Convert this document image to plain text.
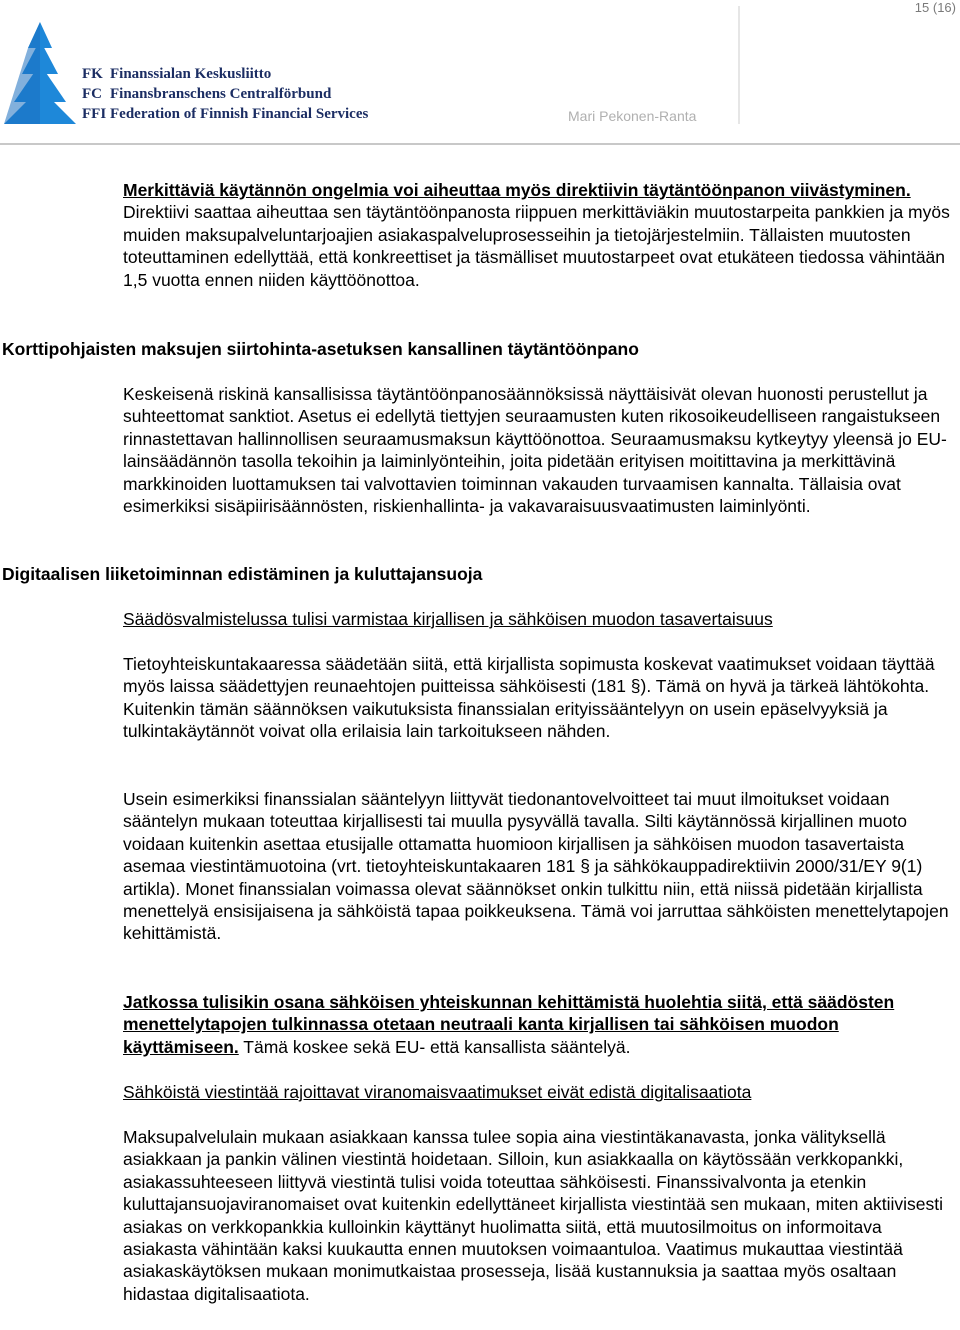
15 (16)
FK Finanssialan Keskusliitto
FC Finansbranschens Centralförbund
FFI Federation of Finnish Financial Services	Mari Pekonen-Ranta
Merkittäviä käytännön ongelmia voi aiheuttaa myös direktiivin täytäntöönpanon viivästyminen. Direktiivi saattaa aiheuttaa sen täytäntöönpanosta riippuen merkittäviäkin muutostarpeita pankkien ja myös muiden maksupalveluntarjoajien asiakaspalveluprosesseihin ja tietojärjestelmiin. Tällaisten muutosten toteuttaminen edellyttää, että konkreettiset ja täsmälliset muutostarpeet ovat etukäteen tiedossa vähintään 1,5 vuotta ennen niiden käyttöönottoa.
Korttipohjaisten maksujen siirtohinta-asetuksen kansallinen täytäntöönpano
Keskeisenä riskinä kansallisissa täytäntöönpanosäännöksissä näyttäisivät olevan huonosti perustellut ja suhteettomat sanktiot. Asetus ei edellytä tiettyjen seuraamusten kuten rikosoikeudelliseen rangaistukseen rinnastettavan hallinnollisen seuraamusmaksun käyttöönottoa. Seuraamusmaksu kytkeytyy yleensä jo EU-lainsäädännön tasolla tekoihin ja laiminlyönteihin, joita pidetään erityisen moitittavina ja merkittävinä markkinoiden luottamuksen tai valvottavien toiminnan vakauden turvaamisen kannalta. Tällaisia ovat esimerkiksi sisäpiirisäännösten, riskienhallinta- ja vakavaraisuusvaatimusten laiminlyönti.
Digitaalisen liiketoiminnan edistäminen ja kuluttajansuoja
Säädösvalmistelussa tulisi varmistaa kirjallisen ja sähköisen muodon tasavertaisuus
Tietoyhteiskuntakaaressa säädetään siitä, että kirjallista sopimusta koskevat vaatimukset voidaan täyttää myös laissa säädettyjen reunaehtojen puitteissa sähköisesti (181 §). Tämä on hyvä ja tärkeä lähtökohta. Kuitenkin tämän säännöksen vaikutuksista finanssialan erityissääntelyyn on usein epäselvyyksiä ja tulkintakäytännöt voivat olla erilaisia lain tarkoitukseen nähden.
Usein esimerkiksi finanssialan sääntelyyn liittyvät tiedonantovelvoitteet tai muut ilmoitukset voidaan sääntelyn mukaan toteuttaa kirjallisesti tai muulla pysyvällä tavalla. Silti käytännössä kirjallinen muoto voidaan kuitenkin asettaa etusijalle ottamatta huomioon kirjallisen ja sähköisen muodon tasavertaista asemaa viestintämuotoina (vrt. tietoyhteiskuntakaaren 181 § ja sähkökauppadirektiivin 2000/31/EY 9(1) artikla). Monet finanssialan voimassa olevat säännökset onkin tulkittu niin, että niissä pidetään kirjallista menettelyä ensisijaisena ja sähköistä tapaa poikkeuksena. Tämä voi jarruttaa sähköisten menettelytapojen kehittämistä.
Jatkossa tulisikin osana sähköisen yhteiskunnan kehittämistä huolehtia siitä, että säädösten menettelytapojen tulkinnassa otetaan neutraali kanta kirjallisen tai sähköisen muodon käyttämiseen. Tämä koskee sekä EU- että kansallista sääntelyä.
Sähköistä viestintää rajoittavat viranomaisvaatimukset eivät edistä digitalisaatiota
Maksupalvelulain mukaan asiakkaan kanssa tulee sopia aina viestintäkanavasta, jonka välityksellä asiakkaan ja pankin välinen viestintä hoidetaan. Silloin, kun asiakkaalla on käytössään verkkopankki, asiakassuhteeseen liittyvä viestintä tulisi voida toteuttaa sähköisesti. Finanssivalvonta ja etenkin kuluttajansuojaviranomaiset ovat kuitenkin edellyttäneet kirjallista viestintää sen mukaan, miten aktiivisesti asiakas on verkkopankkia kulloinkin käyttänyt huolimatta siitä, että muutosilmoitus on informoitava asiakasta vähintään kaksi kuukautta ennen muutoksen voimaantuloa. Vaatimus mukauttaa viestintää asiakaskäytöksen mukaan monimutkaistaa prosesseja, lisää kustannuksia ja saattaa myös osaltaan hidastaa digitalisaatiota.
